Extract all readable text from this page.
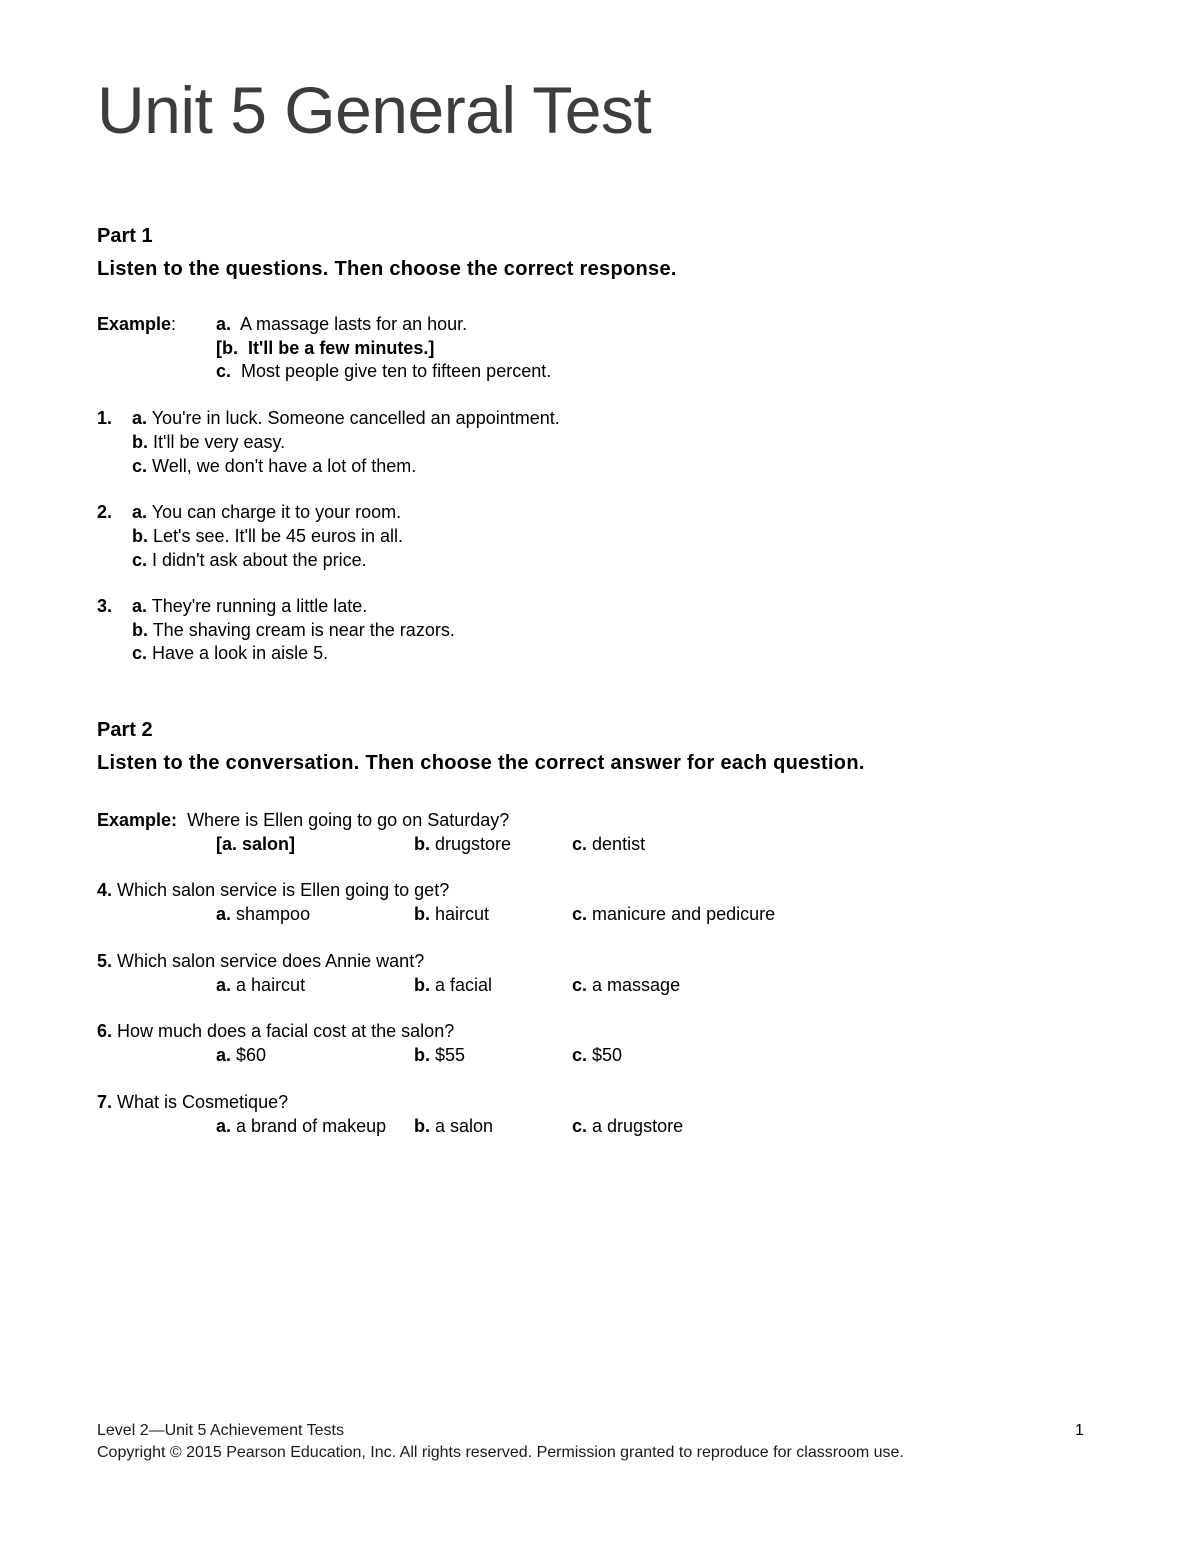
Unit 5 General Test
Part 1
Listen to the questions. Then choose the correct response.
Example: a. A massage lasts for an hour.
[b. It'll be a few minutes.]
c. Most people give ten to fifteen percent.
1. a. You're in luck. Someone cancelled an appointment.
b. It'll be very easy.
c. Well, we don't have a lot of them.
2. a. You can charge it to your room.
b. Let's see. It'll be 45 euros in all.
c. I didn't ask about the price.
3. a. They're running a little late.
b. The shaving cream is near the razors.
c. Have a look in aisle 5.
Part 2
Listen to the conversation. Then choose the correct answer for each question.
Example: Where is Ellen going to go on Saturday?
[a. salon]	b. drugstore	c. dentist
4. Which salon service is Ellen going to get?
a. shampoo	b. haircut	c. manicure and pedicure
5. Which salon service does Annie want?
a. a haircut	b. a facial	c. a massage
6. How much does a facial cost at the salon?
a. $60	b. $55	c. $50
7. What is Cosmetique?
a. a brand of makeup b. a salon	c. a drugstore
Level 2—Unit 5 Achievement Tests	1
Copyright © 2015 Pearson Education, Inc. All rights reserved. Permission granted to reproduce for classroom use.
